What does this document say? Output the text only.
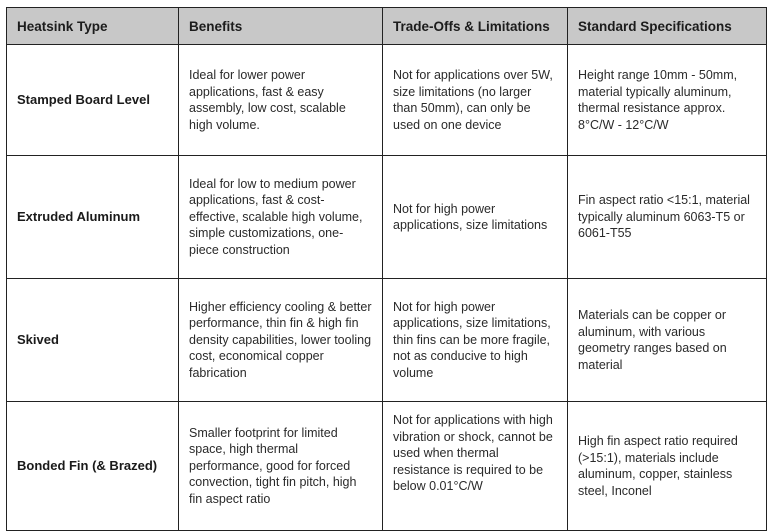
Heatsink Type	Benefits	Trade-Offs & Limitations	Standard Specifications
Stamped Board Level	Ideal for lower power applications, fast & easy assembly, low cost, scalable high volume.	Not for applications over 5W, size limitations (no larger than 50mm), can only be used on one device	Height range 10mm - 50mm, material typically aluminum, thermal resistance approx. 8°C/W - 12°C/W
Extruded Aluminum	Ideal for low to medium power applications, fast & cost-effective, scalable high volume, simple customizations, one-piece construction	Not for high power applications, size limitations	Fin aspect ratio <15:1, material typically aluminum 6063-T5 or 6061-T55
Skived	Higher efficiency cooling & better performance, thin fin & high fin density capabilities, lower tooling cost, economical copper fabrication	Not for high power applications, size limitations, thin fins can be more fragile, not as conducive to high volume	Materials can be copper or aluminum, with various geometry ranges based on material
Bonded Fin (& Brazed)	Smaller footprint for limited space, high thermal performance, good for forced convection, tight fin pitch, high fin aspect ratio	Not for applications with high vibration or shock, cannot be used when thermal resistance is required to be below 0.01°C/W	High fin aspect ratio required (>15:1), materials include aluminum, copper, stainless steel, Inconel
